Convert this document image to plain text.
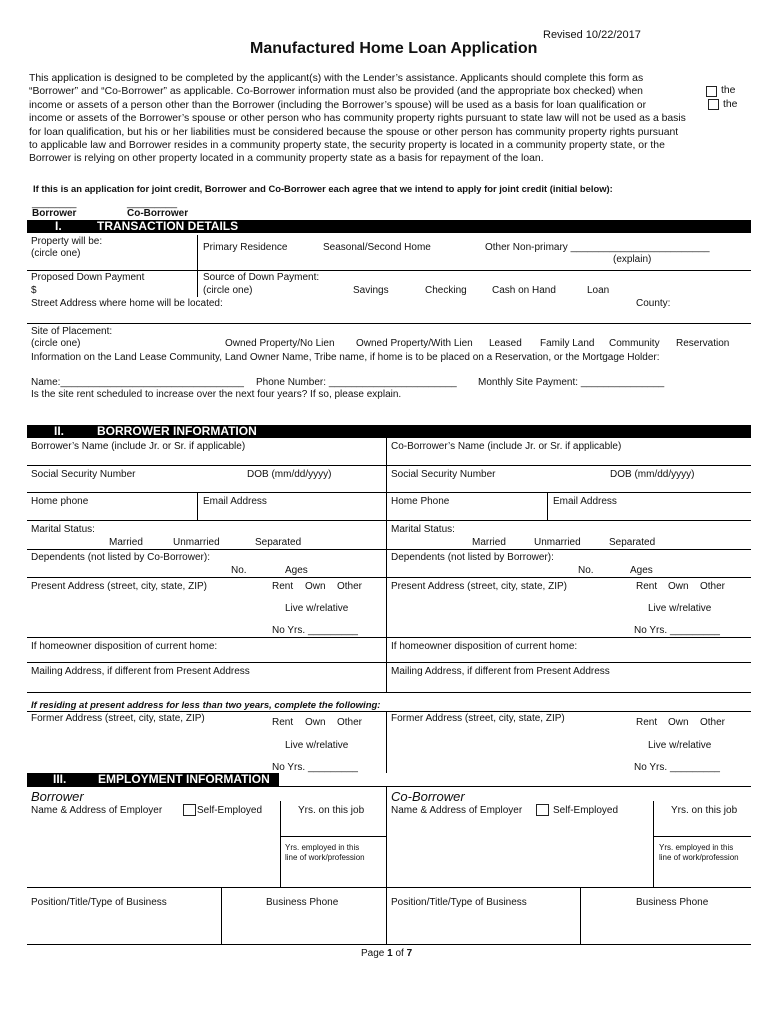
Revised 10/22/2017
Manufactured Home Loan Application
This application is designed to be completed by the applicant(s) with the Lender’s assistance. Applicants should complete this form as
“Borrower” and “Co-Borrower” as applicable. Co-Borrower information must also be provided (and the appropriate box checked) when
income or assets of a person other than the Borrower (including the Borrower’s spouse) will be used as a basis for loan qualification or
income or assets of the Borrower’s spouse or other person who has community property rights pursuant to state law will not be used as a basis
for loan qualification, but his or her liabilities must be considered because the spouse or other person has community property rights pursuant
to applicable law and Borrower resides in a community property state, the security property is located in a community property state, or the
Borrower is relying on other property located in a community property state as a basis for repayment of the loan.
the
the
If this is an application for joint credit, Borrower and Co-Borrower each agree that we intend to apply for joint credit (initial below):
________	_________
Borrower	Co-Borrower
I.	TRANSACTION DETAILS
Property will be:
(circle one)
Primary Residence	Seasonal/Second Home	Other Non-primary _________________________
(explain)
Proposed Down Payment
$
Source of Down Payment:
(circle one)	Savings	Checking	Cash on Hand	Loan
Street Address where home will be located:	County:
Site of Placement:
(circle one)	Owned Property/No Lien Owned Property/With Lien Leased Family Land Community Reservation
Information on the Land Lease Community, Land Owner Name, Tribe name, if home is to be placed on a Reservation, or the Mortgage Holder:
Name:_________________________________ Phone Number: _______________________ Monthly Site Payment: _______________
Is the site rent scheduled to increase over the next four years? If so, please explain.
II.	BORROWER INFORMATION
Borrower’s Name (include Jr. or Sr. if applicable)	Co-Borrower’s Name (include Jr. or Sr. if applicable)
Social Security Number	DOB (mm/dd/yyyy)	Social Security Number	DOB (mm/dd/yyyy)
Home phone	Email Address	Home Phone	Email Address
Marital Status:
Married	Unmarried	Separated
Marital Status:
Married	Unmarried	Separated
Dependents (not listed by Co-Borrower):
No.	Ages
Dependents (not listed by Borrower):
No.	Ages
Present Address (street, city, state, ZIP)	Rent Own Other
Live w/relative
No Yrs. _________
Present Address (street, city, state, ZIP)	Rent Own Other
Live w/relative
No Yrs. _________
If homeowner disposition of current home:	If homeowner disposition of current home:
Mailing Address, if different from Present Address	Mailing Address, if different from Present Address
If residing at present address for less than two years, complete the following:
Former Address (street, city, state, ZIP)	Rent Own Other
Live w/relative
No Yrs. _________
Former Address (street, city, state, ZIP)	Rent Own Other
Live w/relative
No Yrs. _________
III.	EMPLOYMENT INFORMATION
Borrower	Co-Borrower
Name & Address of Employer	Self-Employed	Yrs. on this job
Yrs. employed in this
line of work/profession
Name & Address of Employer	Self-Employed	Yrs. on this job
Yrs. employed in this
line of work/profession
Position/Title/Type of Business	Business Phone	Position/Title/Type of Business	Business Phone
Page 1 of 7
